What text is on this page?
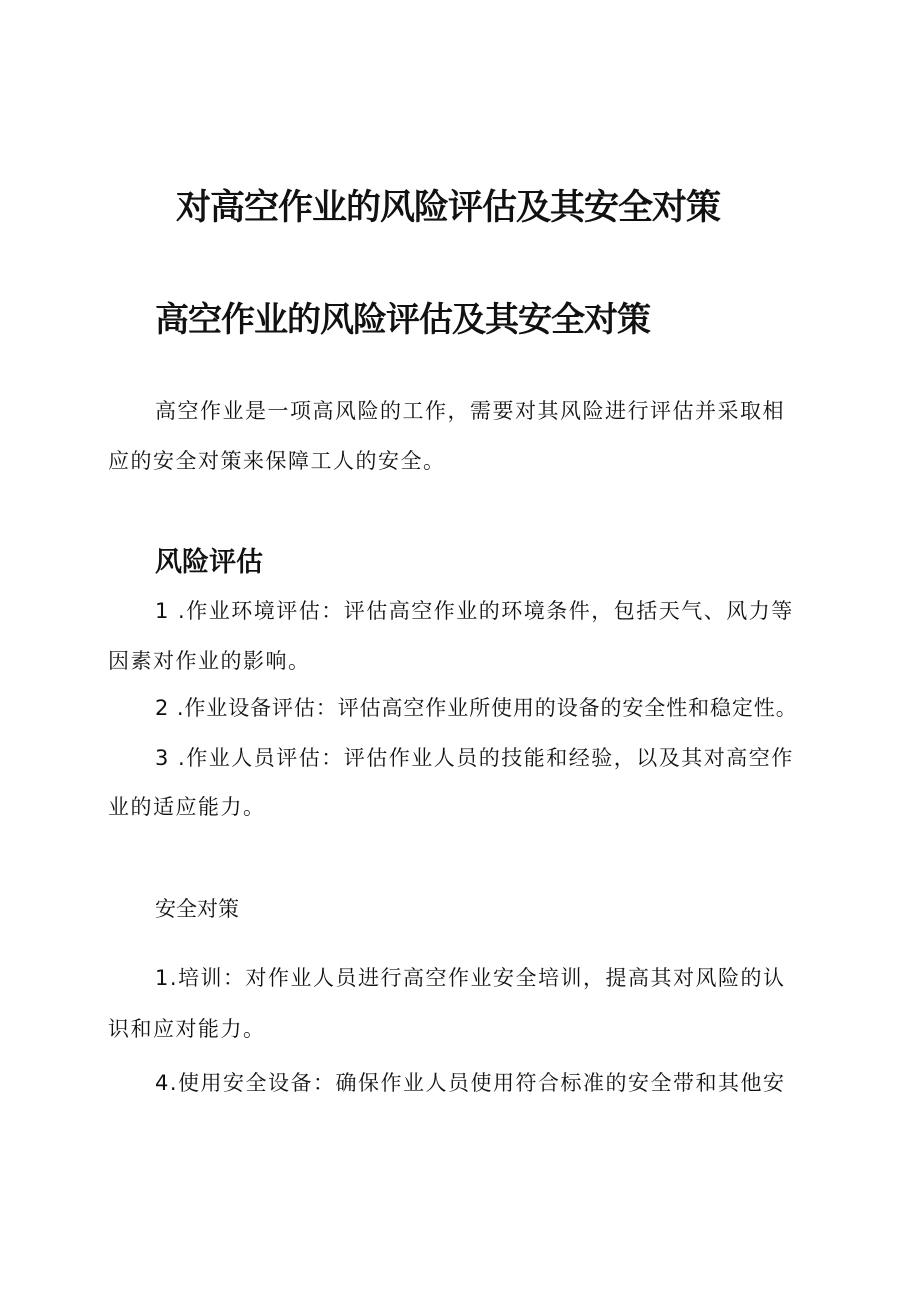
对高空作业的风险评估及其安全对策
高空作业的风险评估及其安全对策

高空作业是一项高风险的工作，需要对其风险进行评估并采取相

应的安全对策来保障工人的安全。

风险评估

1 .作业环境评估：评估高空作业的环境条件，包括天气、风力等

因素对作业的影响。

2 .作业设备评估：评估高空作业所使用的设备的安全性和稳定性。

3 .作业人员评估：评估作业人员的技能和经验，以及其对高空作

业的适应能力。

安全对策

1.培训：对作业人员进行高空作业安全培训，提高其对风险的认

识和应对能力。

4.使用安全设备：确保作业人员使用符合标准的安全带和其他安
